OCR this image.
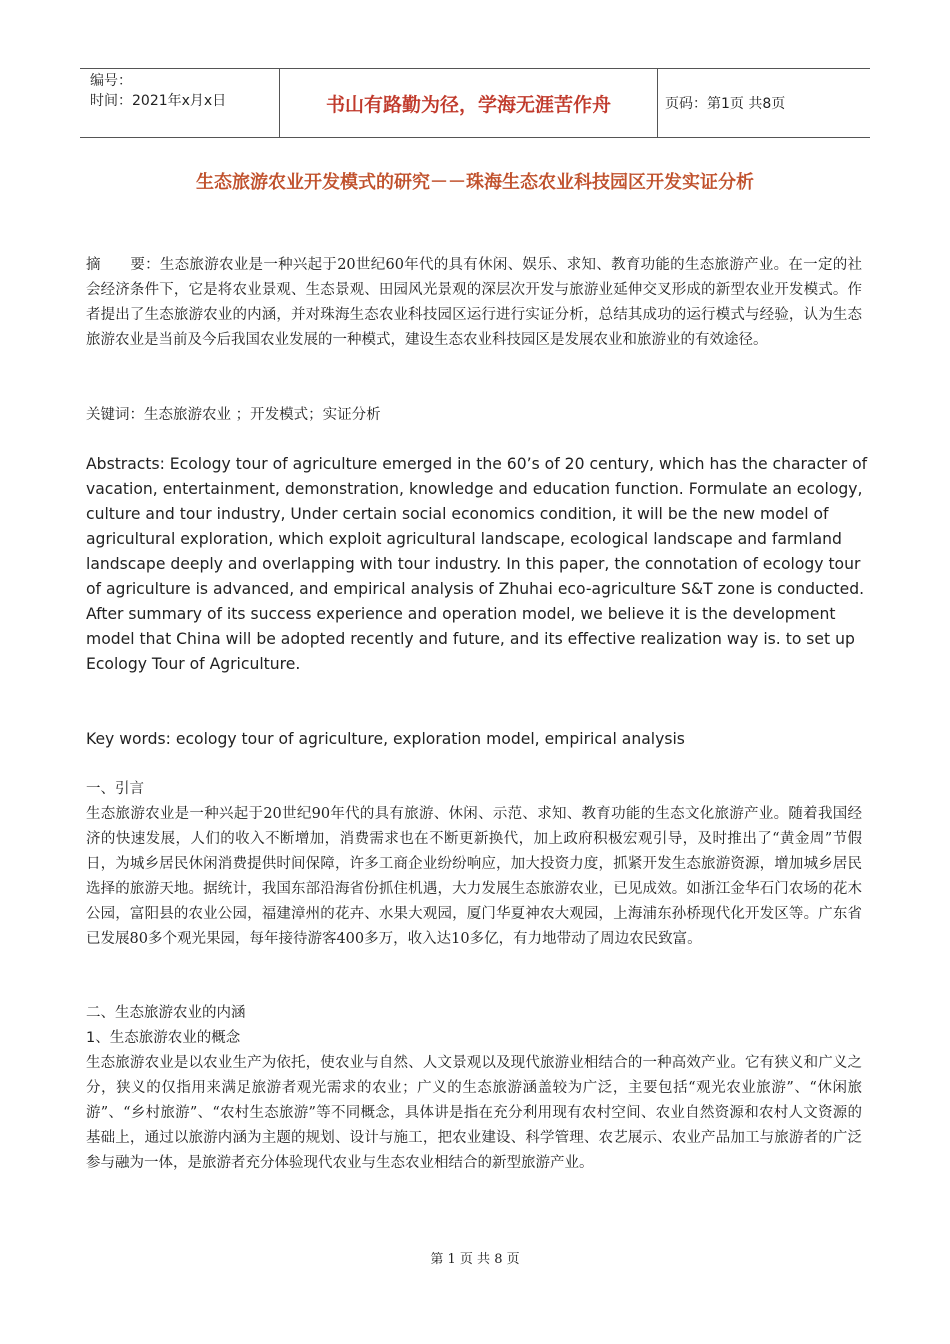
编号：
时间：2021年x月x日	书山有路勤为径，学海无涯苦作舟	页码：第1页 共8页
生态旅游农业开发模式的研究－－珠海生态农业科技园区开发实证分析

摘　　要：生态旅游农业是一种兴起于20世纪60年代的具有休闲、娱乐、求知、教育功能的生态旅游产业。在一定的社会经济条件下，它是将农业景观、生态景观、田园风光景观的深层次开发与旅游业延伸交叉形成的新型农业开发模式。作者提出了生态旅游农业的内涵，并对珠海生态农业科技园区运行进行实证分析，总结其成功的运行模式与经验，认为生态旅游农业是当前及今后我国农业发展的一种模式，建设生态农业科技园区是发展农业和旅游业的有效途径。

关键词：生态旅游农业 ；开发模式；实证分析

Abstracts: Ecology tour of agriculture emerged in the 60’s of 20 century, which has the character of vacation, entertainment, demonstration, knowledge and education function. Formulate an ecology, culture and tour industry, Under certain social economics condition, it will be the new model of agricultural exploration, which exploit agricultural landscape, ecological landscape and farmland landscape deeply and overlapping with tour industry. In this paper, the connotation of ecology tour of agriculture is advanced, and empirical analysis of Zhuhai eco-agriculture S&T zone is conducted. After summary of its success experience and operation model, we believe it is the development model that China will be adopted recently and future, and its effective realization way is. to set up Ecology Tour of Agriculture.

Key words: ecology tour of agriculture, exploration model, empirical analysis

一、引言

生态旅游农业是一种兴起于20世纪90年代的具有旅游、休闲、示范、求知、教育功能的生态文化旅游产业。随着我国经济的快速发展，人们的收入不断增加，消费需求也在不断更新换代，加上政府积极宏观引导，及时推出了“黄金周”节假日，为城乡居民休闲消费提供时间保障，许多工商企业纷纷响应，加大投资力度，抓紧开发生态旅游资源，增加城乡居民选择的旅游天地。据统计，我国东部沿海省份抓住机遇，大力发展生态旅游农业，已见成效。如浙江金华石门农场的花木公园，富阳县的农业公园，福建漳州的花卉、水果大观园，厦门华夏神农大观园，上海浦东孙桥现代化开发区等。广东省已发展80多个观光果园，每年接待游客400多万，收入达10多亿，有力地带动了周边农民致富。

二、生态旅游农业的内涵

1、生态旅游农业的概念

生态旅游农业是以农业生产为依托，使农业与自然、人文景观以及现代旅游业相结合的一种高效产业。它有狭义和广义之分，狭义的仅指用来满足旅游者观光需求的农业；广义的生态旅游涵盖较为广泛，主要包括“观光农业旅游”、“休闲旅游”、“乡村旅游”、“农村生态旅游”等不同概念，具体讲是指在充分利用现有农村空间、农业自然资源和农村人文资源的基础上，通过以旅游内涵为主题的规划、设计与施工，把农业建设、科学管理、农艺展示、农业产品加工与旅游者的广泛参与融为一体，是旅游者充分体验现代农业与生态农业相结合的新型旅游产业。

第 1 页 共 8 页
